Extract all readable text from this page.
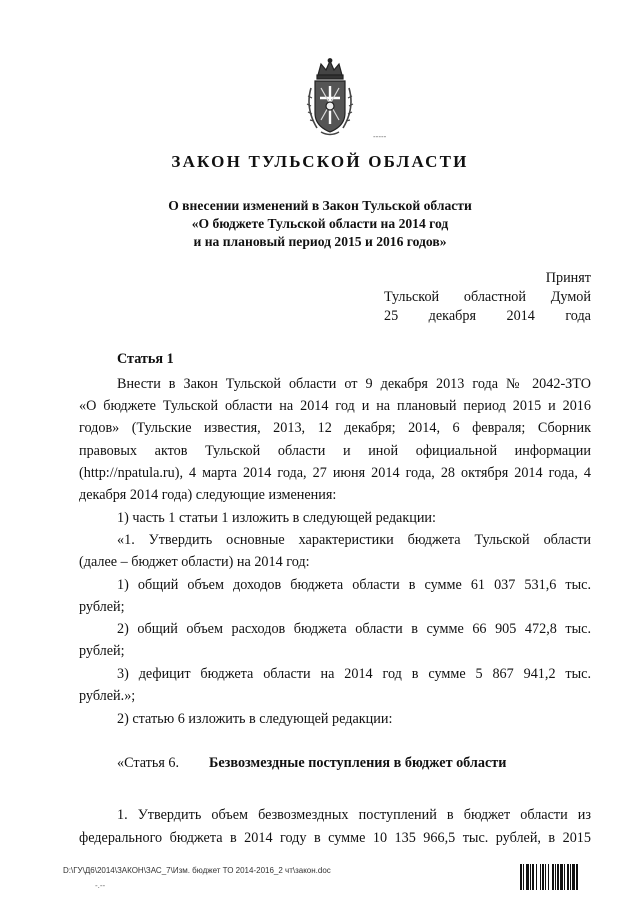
-----
ЗАКОН ТУЛЬСКОЙ ОБЛАСТИ
О внесении изменений в Закон Тульской области
«О бюджете Тульской области на 2014 год
и на плановый период 2015 и 2016 годов»
Принят
Тульской областной Думой
25 декабря 2014 года
Статья 1
Внести в Закон Тульской области от 9 декабря 2013 года № 2042-ЗТО
«О бюджете Тульской области на 2014 год и на плановый период 2015 и 2016
годов» (Тульские известия, 2013, 12 декабря; 2014, 6 февраля; Сборник
правовых актов Тульской области и иной официальной информации
(http://npatula.ru), 4 марта 2014 года, 27 июня 2014 года, 28 октября 2014 года, 4
декабря 2014 года) следующие изменения:
1) часть 1 статьи 1 изложить в следующей редакции:
«1. Утвердить основные характеристики бюджета Тульской области
(далее – бюджет области) на 2014 год:
1) общий объем доходов бюджета области в сумме 61 037 531,6 тыс.
рублей;
2) общий объем расходов бюджета области в сумме 66 905 472,8 тыс.
рублей;
3) дефицит бюджета области на 2014 год в сумме 5 867 941,2 тыс.
рублей.»;
2) статью 6 изложить в следующей редакции:
«Статья 6. Безвозмездные поступления в бюджет области
1. Утвердить объем безвозмездных поступлений в бюджет области из
федерального бюджета в 2014 году в сумме 10 135 966,5 тыс. рублей, в 2015
D:\ГУ\Д6\2014\ЗАКОН\ЗАС_7\Изм. бюджет ТО 2014-2016_2 чт\закон.doc
-.--
